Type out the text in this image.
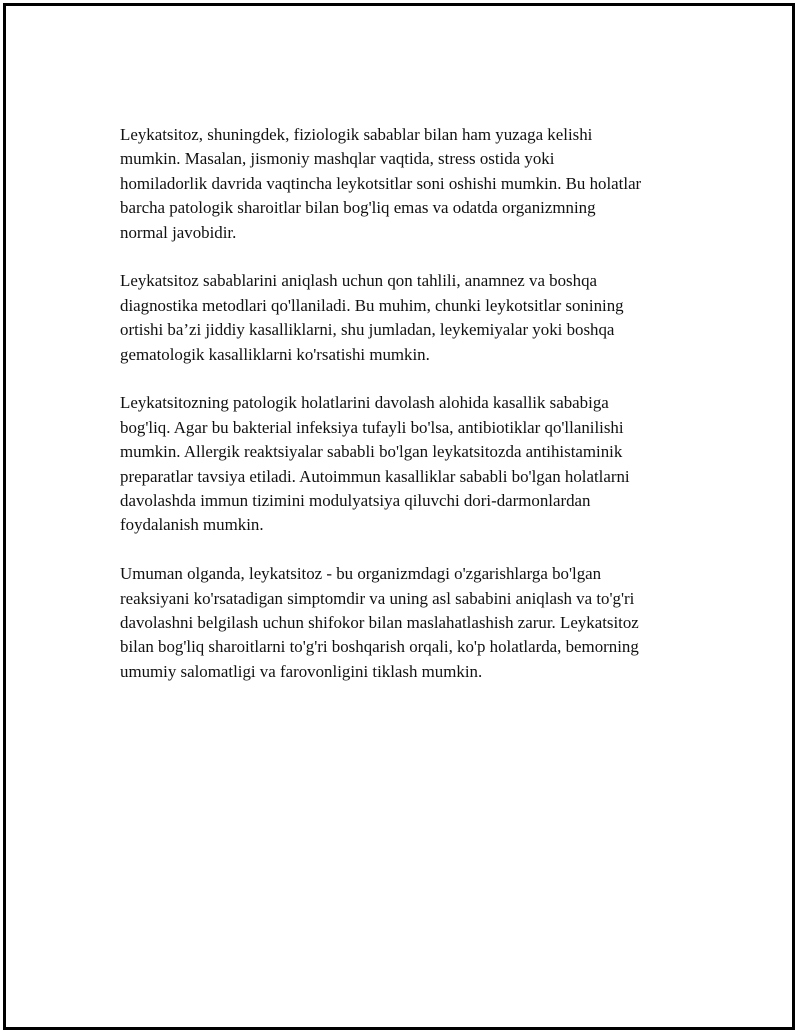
Leykatsitoz, shuningdek, fiziologik sabablar bilan ham yuzaga kelishi
mumkin. Masalan, jismoniy mashqlar vaqtida, stress ostida yoki
homiladorlik davrida vaqtincha leykotsitlar soni oshishi mumkin. Bu holatlar
barcha patologik sharoitlar bilan bog'liq emas va odatda organizmning
normal javobidir.

Leykatsitoz sabablarini aniqlash uchun qon tahlili, anamnez va boshqa
diagnostika metodlari qo'llaniladi. Bu muhim, chunki leykotsitlar sonining
ortishi ba’zi jiddiy kasalliklarni, shu jumladan, leykemiyalar yoki boshqa
gematologik kasalliklarni ko'rsatishi mumkin.

Leykatsitozning patologik holatlarini davolash alohida kasallik sababiga
bog'liq. Agar bu bakterial infeksiya tufayli bo'lsa, antibiotiklar qo'llanilishi
mumkin. Allergik reaktsiyalar sababli bo'lgan leykatsitozda antihistaminik
preparatlar tavsiya etiladi. Autoimmun kasalliklar sababli bo'lgan holatlarni
davolashda immun tizimini modulyatsiya qiluvchi dori-darmonlardan
foydalanish mumkin.

Umuman olganda, leykatsitoz - bu organizmdagi o'zgarishlarga bo'lgan
reaksiyani ko'rsatadigan simptomdir va uning asl sababini aniqlash va to'g'ri
davolashni belgilash uchun shifokor bilan maslahatlashish zarur. Leykatsitoz
bilan bog'liq sharoitlarni to'g'ri boshqarish orqali, ko'p holatlarda, bemorning
umumiy salomatligi va farovonligini tiklash mumkin.
